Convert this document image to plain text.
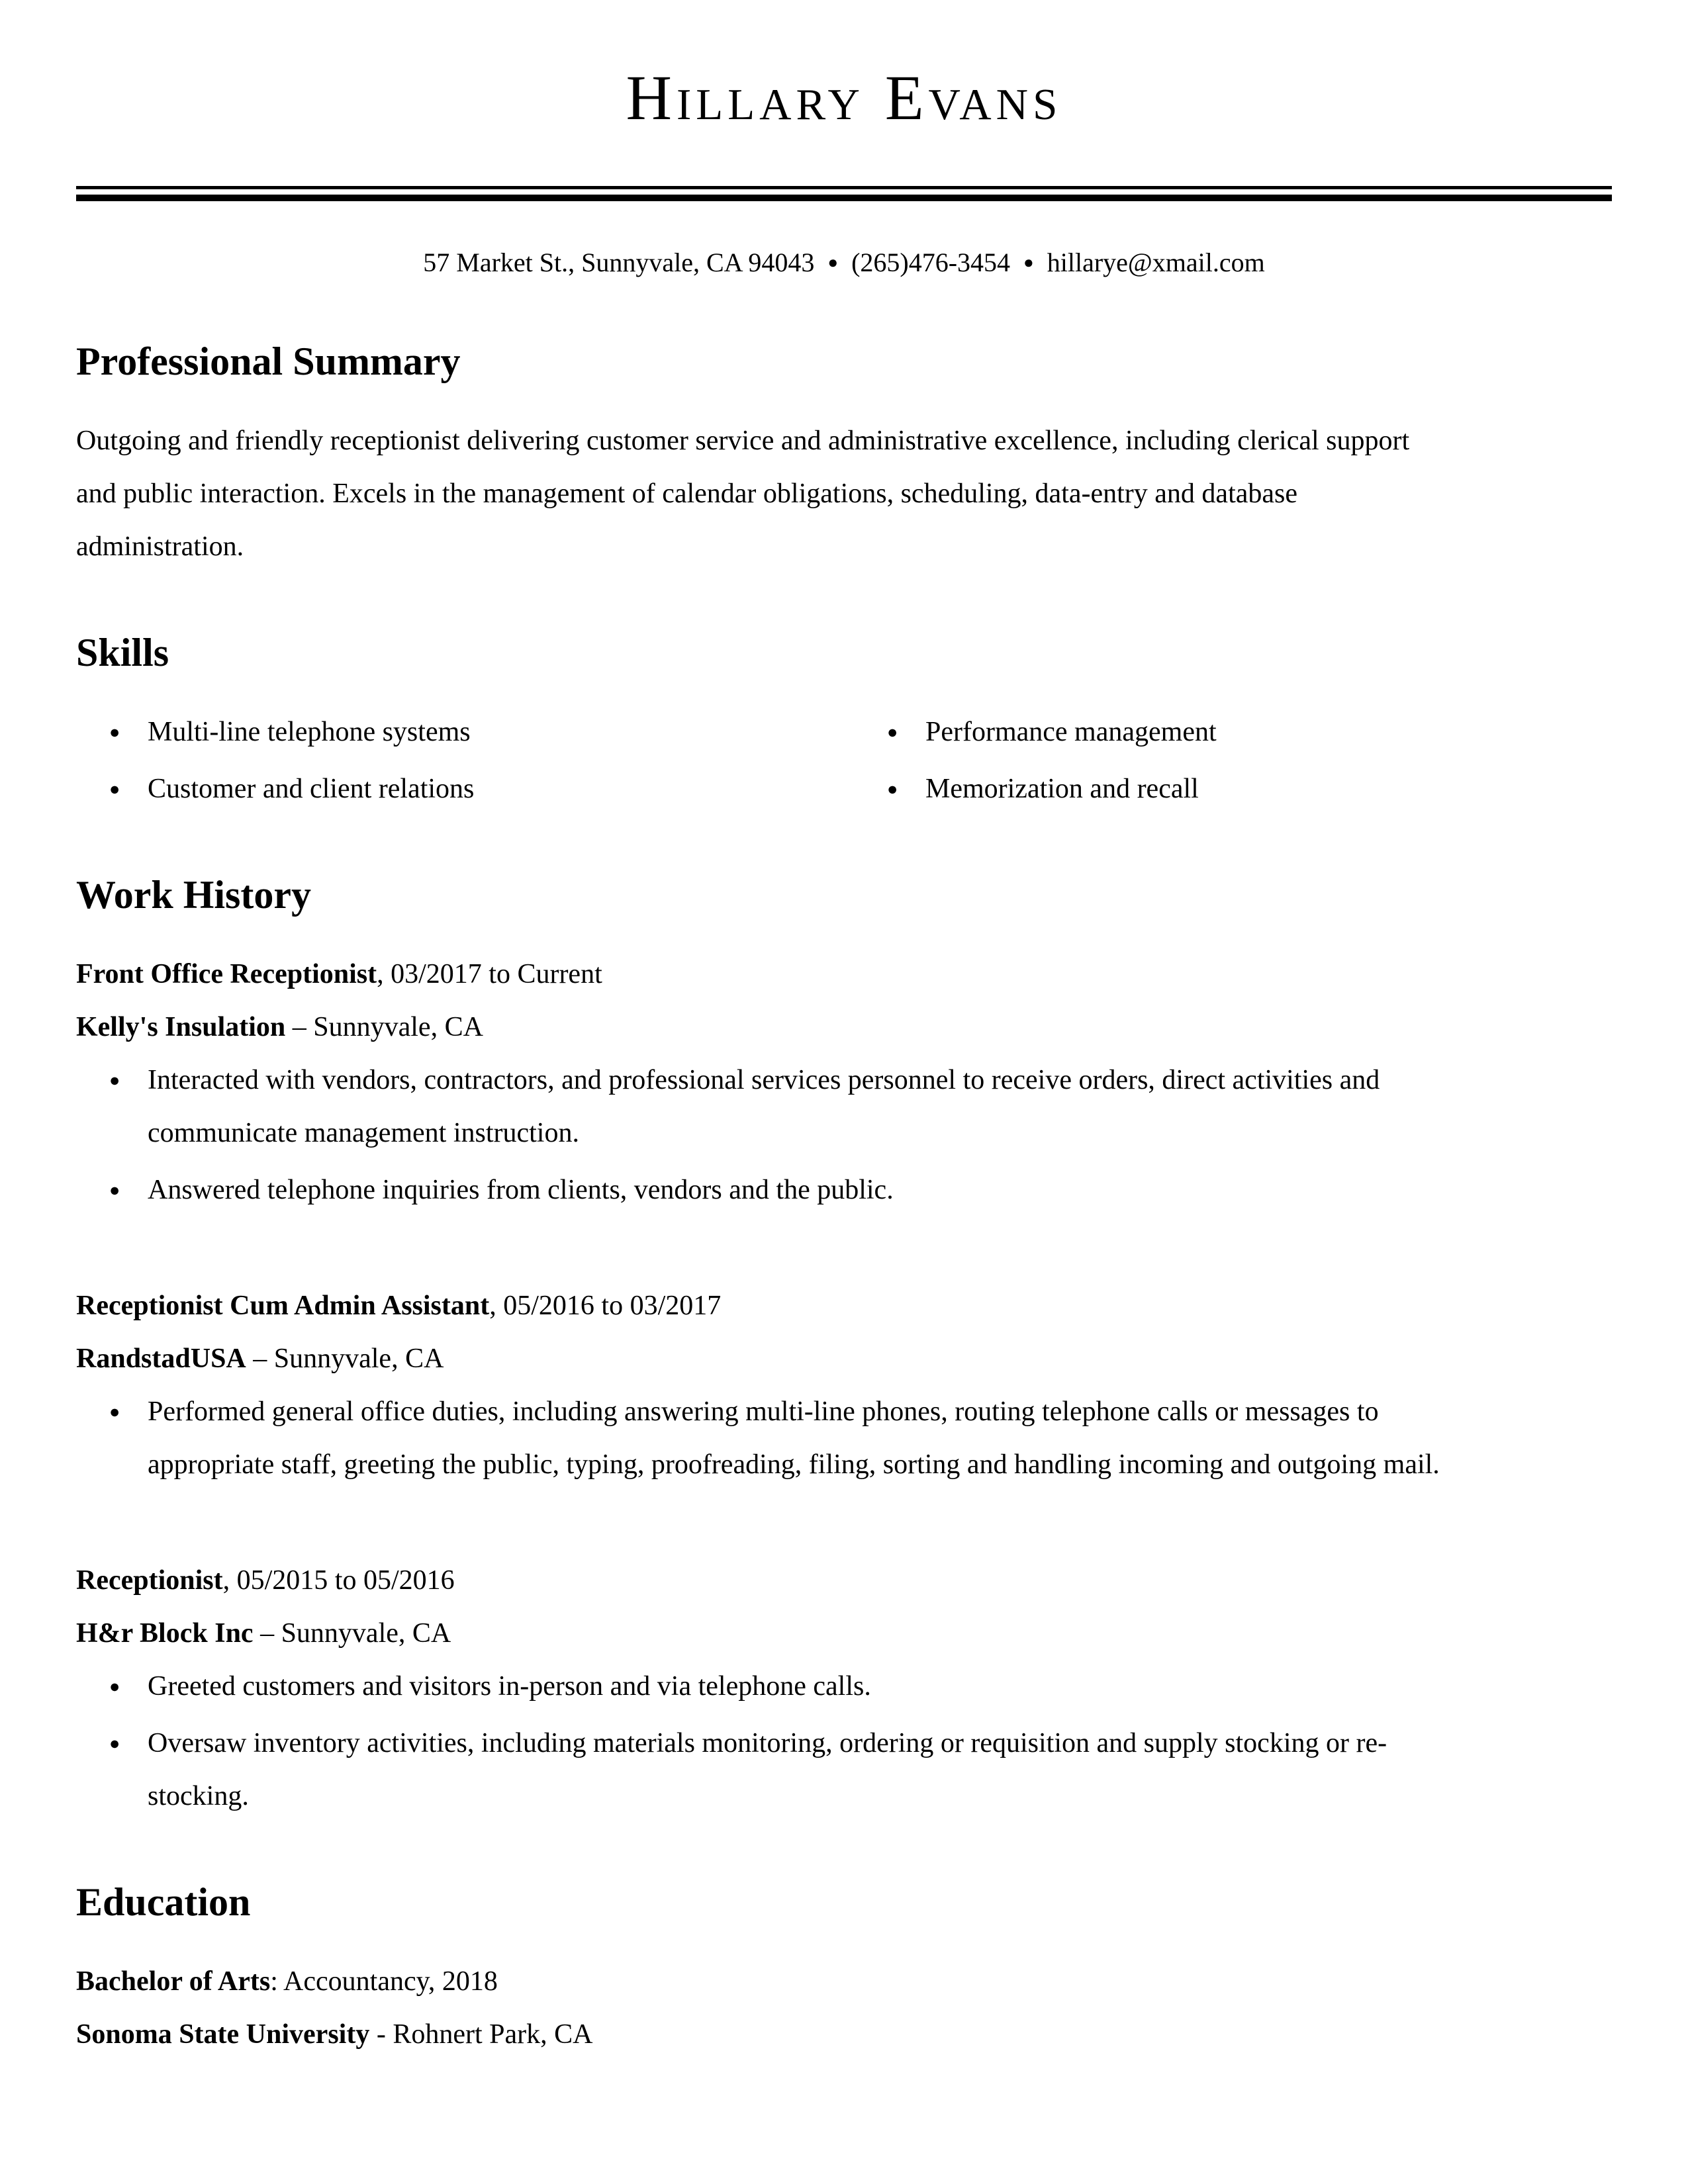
Hillary Evans
57 Market St., Sunnyvale, CA 94043 ● (265)476-3454 ● hillarye@xmail.com
Professional Summary

Outgoing and friendly receptionist delivering customer service and administrative excellence, including clerical support and public interaction. Excels in the management of calendar obligations, scheduling, data-entry and database administration.

Skills
● Multi-line telephone systems
● Customer and client relations
● Performance management
● Memorization and recall
Work History
Front Office Receptionist, 03/2017 to Current
Kelly's Insulation – Sunnyvale, CA
● Interacted with vendors, contractors, and professional services personnel to receive orders, direct activities and communicate management instruction.
● Answered telephone inquiries from clients, vendors and the public.
Receptionist Cum Admin Assistant, 05/2016 to 03/2017
RandstadUSA – Sunnyvale, CA
● Performed general office duties, including answering multi-line phones, routing telephone calls or messages to appropriate staff, greeting the public, typing, proofreading, filing, sorting and handling incoming and outgoing mail.
Receptionist, 05/2015 to 05/2016
H&r Block Inc – Sunnyvale, CA
● Greeted customers and visitors in-person and via telephone calls.
● Oversaw inventory activities, including materials monitoring, ordering or requisition and supply stocking or re-stocking.
Education
Bachelor of Arts: Accountancy, 2018
Sonoma State University - Rohnert Park, CA
